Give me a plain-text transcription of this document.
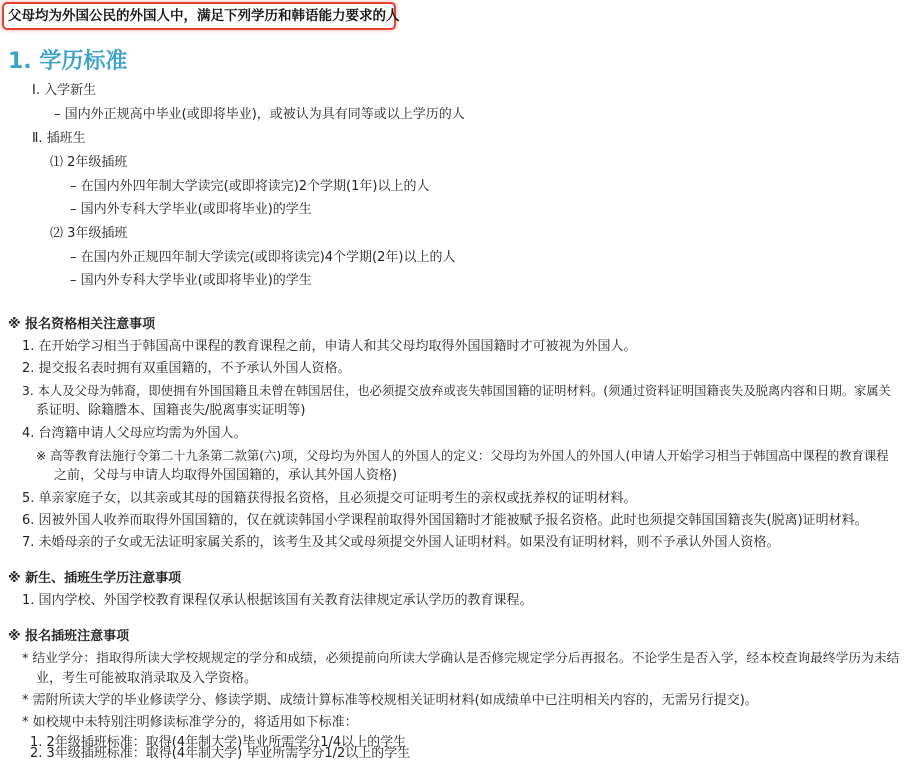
父母均为外国公民的外国人中，满足下列学历和韩语能力要求的人
1. 学历标准
Ⅰ. 入学新生
– 国内外正规高中毕业(或即将毕业)，或被认为具有同等或以上学历的人
Ⅱ. 插班生
⑴ 2年级插班
– 在国内外四年制大学读完(或即将读完)2个学期(1年)以上的人
– 国内外专科大学毕业(或即将毕业)的学生
⑵ 3年级插班
– 在国内外正规四年制大学读完(或即将读完)4个学期(2年)以上的人
– 国内外专科大学毕业(或即将毕业)的学生
※ 报名资格相关注意事项
1. 在开始学习相当于韩国高中课程的教育课程之前，申请人和其父母均取得外国国籍时才可被视为外国人。
2. 提交报名表时拥有双重国籍的，不予承认外国人资格。
3. 本人及父母为韩裔，即使拥有外国国籍且未曾在韩国居住，也必须提交放弃或丧失韩国国籍的证明材料。(须通过资料证明国籍丧失及脱离内容和日期。家属关
系证明、除籍謄本、国籍丧失/脱离事实证明等)
4. 台湾籍申请人父母应均需为外国人。
※ 高等教育法施行令第二十九条第二款第(六)项，父母均为外国人的外国人的定义：父母均为外国人的外国人(申请人开始学习相当于韩国高中课程的教育课程
之前，父母与申请人均取得外国国籍的，承认其外国人资格)
5. 单亲家庭子女，以其亲或其母的国籍获得报名资格，且必须提交可证明考生的亲权或抚养权的证明材料。
6. 因被外国人收养而取得外国国籍的，仅在就读韩国小学课程前取得外国国籍时才能被赋予报名资格。此时也须提交韩国国籍丧失(脱离)证明材料。
7. 未婚母亲的子女或无法证明家属关系的，该考生及其父或母须提交外国人证明材料。如果没有证明材料，则不予承认外国人资格。
※ 新生、插班生学历注意事项
1. 国内学校、外国学校教育课程仅承认根据该国有关教育法律规定承认学历的教育课程。
※ 报名插班注意事项
* 结业学分：指取得所读大学校规规定的学分和成绩，必须提前向所读大学确认是否修完规定学分后再报名。不论学生是否入学，经本校查询最终学历为未结
业，考生可能被取消录取及入学资格。
* 需附所读大学的毕业修读学分、修读学期、成绩计算标准等校规相关证明材料(如成绩单中已注明相关内容的，无需另行提交)。
* 如校规中未特别注明修读标准学分的，将适用如下标准：
1. 2年级插班标准：取得(4年制大学)毕业所需学分1/4以上的学生
2. 3年级插班标准：取得(4年制大学) 毕业所需学分1/2以上的学生
